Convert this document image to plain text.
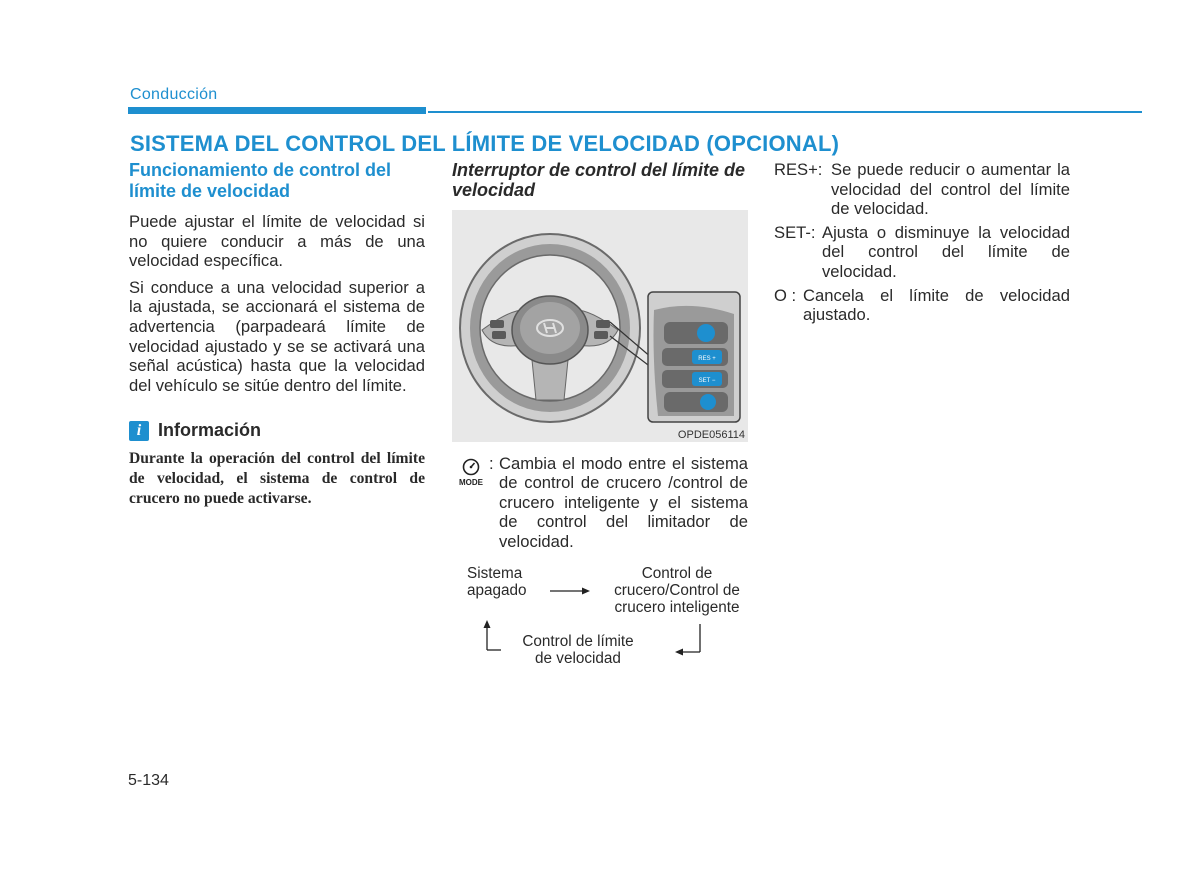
Conducción
SISTEMA DEL CONTROL DEL LÍMITE DE VELOCIDAD (OPCIONAL)
Funcionamiento de control del límite de velocidad

Puede ajustar el límite de velocidad si no quiere conducir a más de una velocidad específica.

Si conduce a una velocidad superior a la ajustada, se accionará el sistema de advertencia (parpadeará límite de velocidad ajustado y se se activará una señal acústica) hasta que la velocidad del vehículo se sitúe dentro del límite.

i Información
Durante la operación del control del límite de velocidad, el sistema de control de crucero no puede activarse.
Interruptor de control del límite de velocidad
RES +
SET −
OPDE056114
MODE
: Cambia el modo entre el sistema de control de crucero /control de crucero inteligente y el sistema de control del limitador de velocidad.
Sistema
apagado
Control de
crucero/Control de
crucero inteligente
Control de límite
de velocidad
RES+: Se puede reducir o aumentar la velocidad del control del límite de velocidad.
SET-: Ajusta o disminuye la velocidad del control del límite de velocidad.
O : Cancela el límite de velocidad ajustado.
5-134
